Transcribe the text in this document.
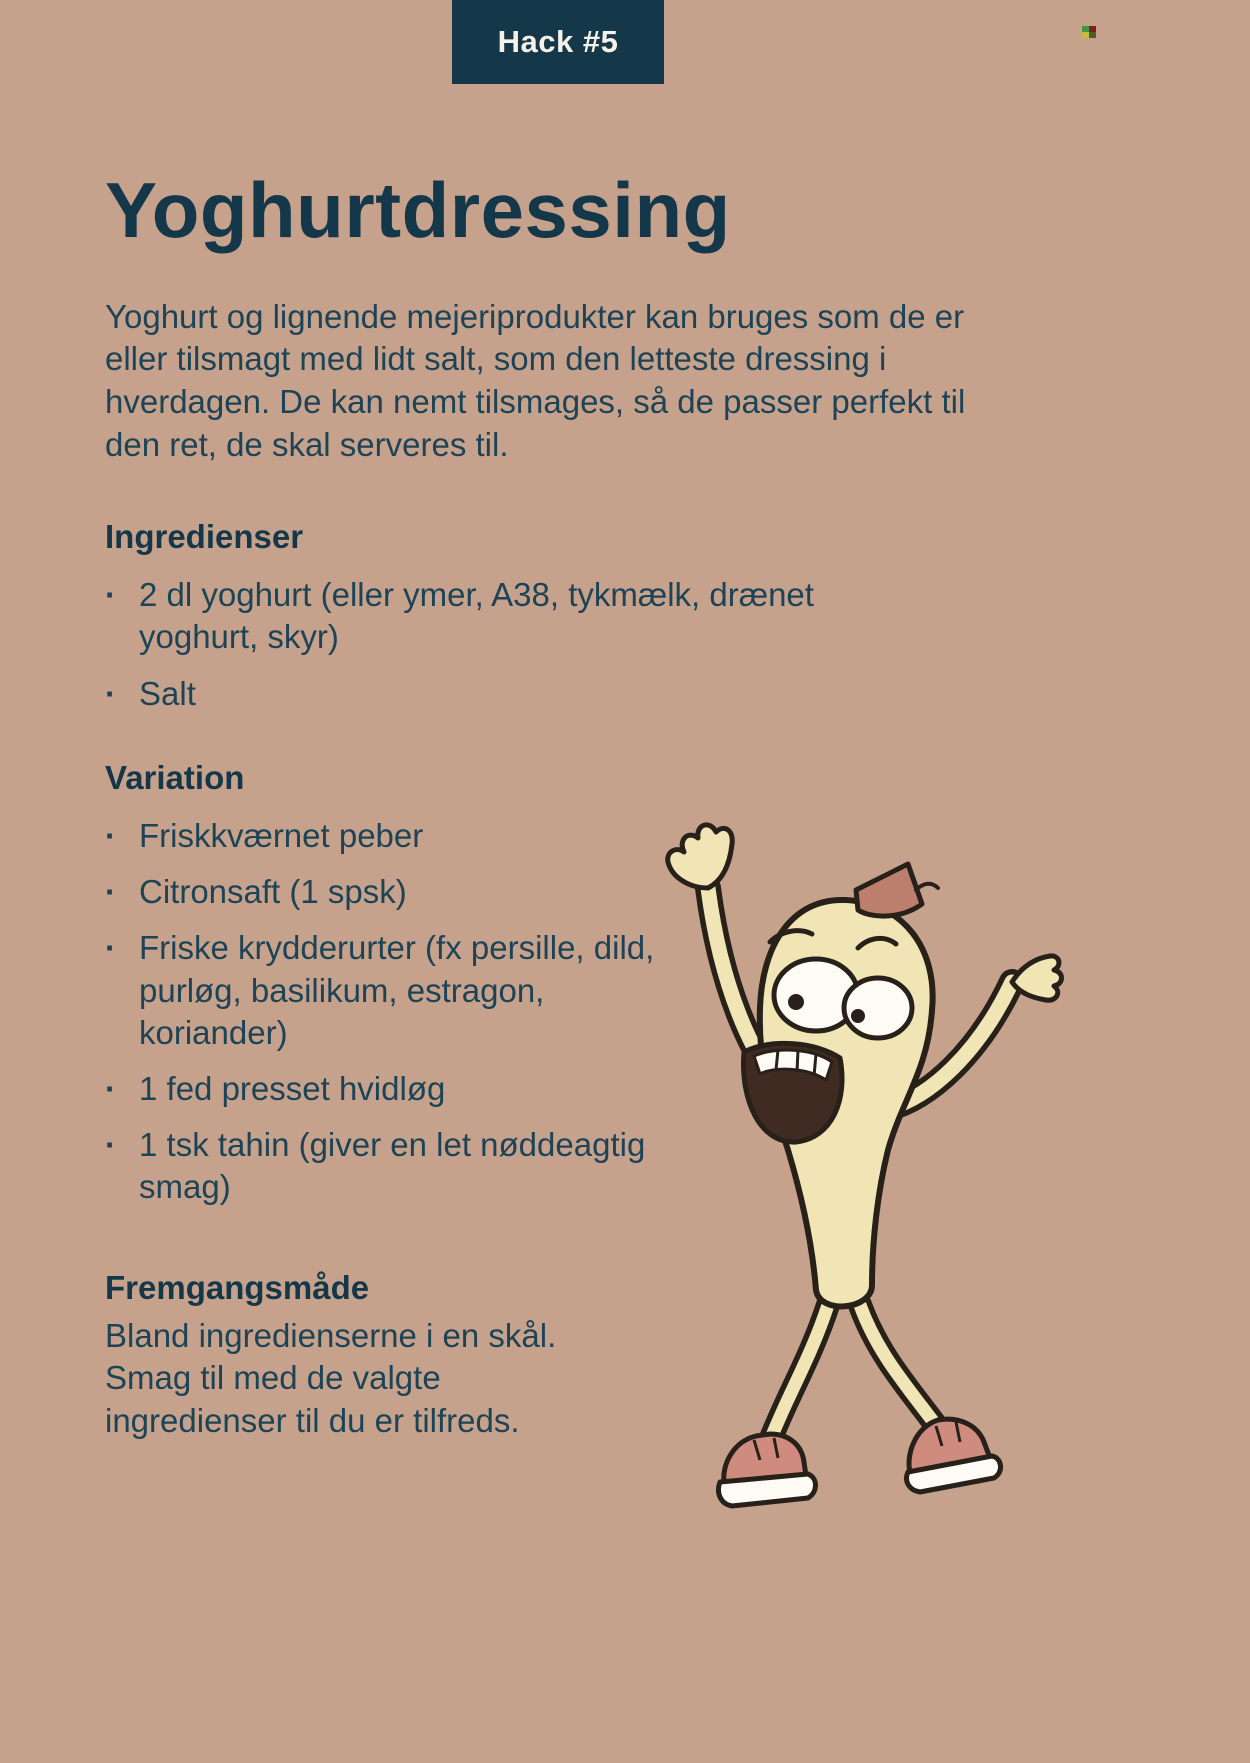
Hack #5
Yoghurtdressing

Yoghurt og lignende mejeriprodukter kan bruges som de er eller tilsmagt med lidt salt, som den letteste dressing i hverdagen. De kan nemt tilsmages, så de passer perfekt til den ret, de skal serveres til.

Ingredienser
·
2 dl yoghurt (eller ymer, A38, tykmælk, drænet yoghurt, skyr)
·
Salt
Variation
·
Friskkværnet peber
·
Citronsaft (1 spsk)
·
Friske krydderurter (fx persille, dild, purløg, basilikum, estragon, koriander)
·
1 fed presset hvidløg
·
1 tsk tahin (giver en let nøddeagtig smag)
Fremgangsmåde

Bland ingredienserne i en skål. Smag til med de valgte ingredienser til du er tilfreds.
